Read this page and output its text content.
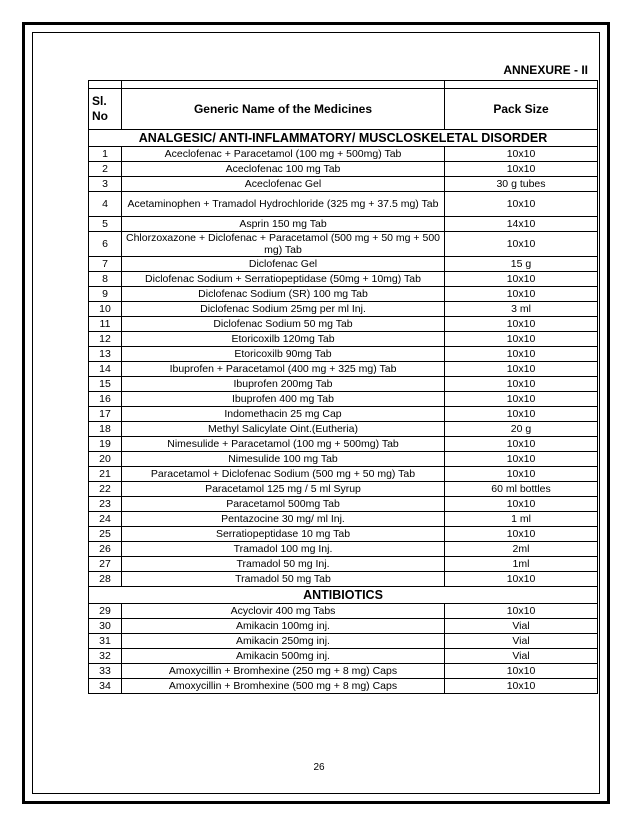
ANNEXURE - II

Sl. No	Generic Name of the Medicines	Pack Size
ANALGESIC/ ANTI-INFLAMMATORY/ MUSCLOSKELETAL DISORDER		
1	Aceclofenac + Paracetamol (100 mg + 500mg) Tab	10x10
2	Aceclofenac 100 mg Tab	10x10
3	Aceclofenac Gel	30 g tubes
4	Acetaminophen + Tramadol Hydrochloride (325 mg + 37.5 mg) Tab	10x10
5	Asprin 150 mg Tab	14x10
6	Chlorzoxazone + Diclofenac + Paracetamol (500 mg + 50 mg + 500 mg) Tab	10x10
7	Diclofenac Gel	15 g
8	Diclofenac Sodium + Serratiopeptidase (50mg + 10mg) Tab	10x10
9	Diclofenac Sodium (SR) 100 mg Tab	10x10
10	Diclofenac Sodium 25mg per ml Inj.	3 ml
11	Diclofenac Sodium 50 mg Tab	10x10
12	Etoricoxilb 120mg Tab	10x10
13	Etoricoxilb 90mg Tab	10x10
14	Ibuprofen + Paracetamol (400 mg + 325 mg) Tab	10x10
15	Ibuprofen 200mg Tab	10x10
16	Ibuprofen 400 mg Tab	10x10
17	Indomethacin 25 mg Cap	10x10
18	Methyl Salicylate Oint.(Eutheria)	20 g
19	Nimesulide + Paracetamol (100 mg + 500mg) Tab	10x10
20	Nimesulide 100 mg Tab	10x10
21	Paracetamol + Diclofenac Sodium (500 mg + 50 mg) Tab	10x10
22	Paracetamol 125 mg / 5 ml Syrup	60 ml bottles
23	Paracetamol 500mg Tab	10x10
24	Pentazocine 30 mg/ ml Inj.	1 ml
25	Serratiopeptidase 10 mg Tab	10x10
26	Tramadol 100 mg Inj.	2ml
27	Tramadol 50 mg Inj.	1ml
28	Tramadol 50 mg Tab	10x10
ANTIBIOTICS		
29	Acyclovir 400 mg Tabs	10x10
30	Amikacin 100mg inj.	Vial
31	Amikacin 250mg inj.	Vial
32	Amikacin 500mg inj.	Vial
33	Amoxycillin + Bromhexine (250 mg + 8 mg) Caps	10x10
34	Amoxycillin + Bromhexine (500 mg + 8 mg) Caps	10x10
26
